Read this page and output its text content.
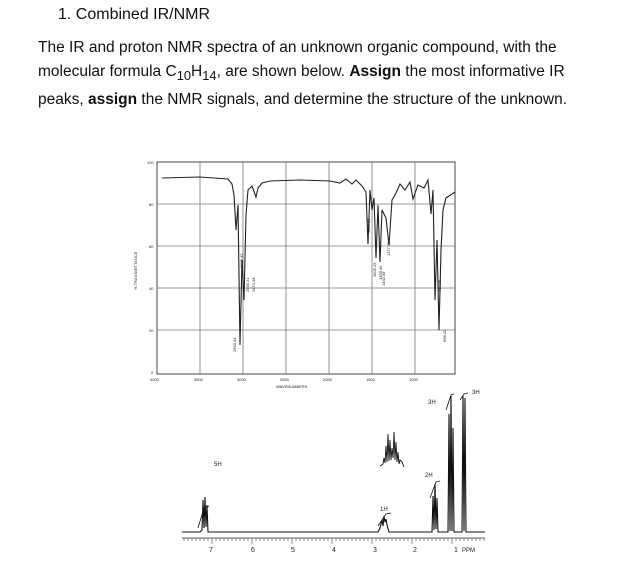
1. Combined IR/NMR
The IR and proton NMR spectra of an unknown organic compound, with the molecular formula $C_{10}H_{14}$, are shown below. Assign the most informative IR peaks, assign the NMR signals, and determine the structure of the unknown.
% TRANSMITTANCE
100
80
60
40
20
0
4000	3500	3000	2500	2000	1500	1000
WAVENUMBERS
3025.43
2963.44
2930.21 2874.38
1883.85
1605.25 1493.49
1442.58
1377.35
760.95
698.32
7	6	5	4	3	2	1 PPM
5H
1H
2H
3H
3H
